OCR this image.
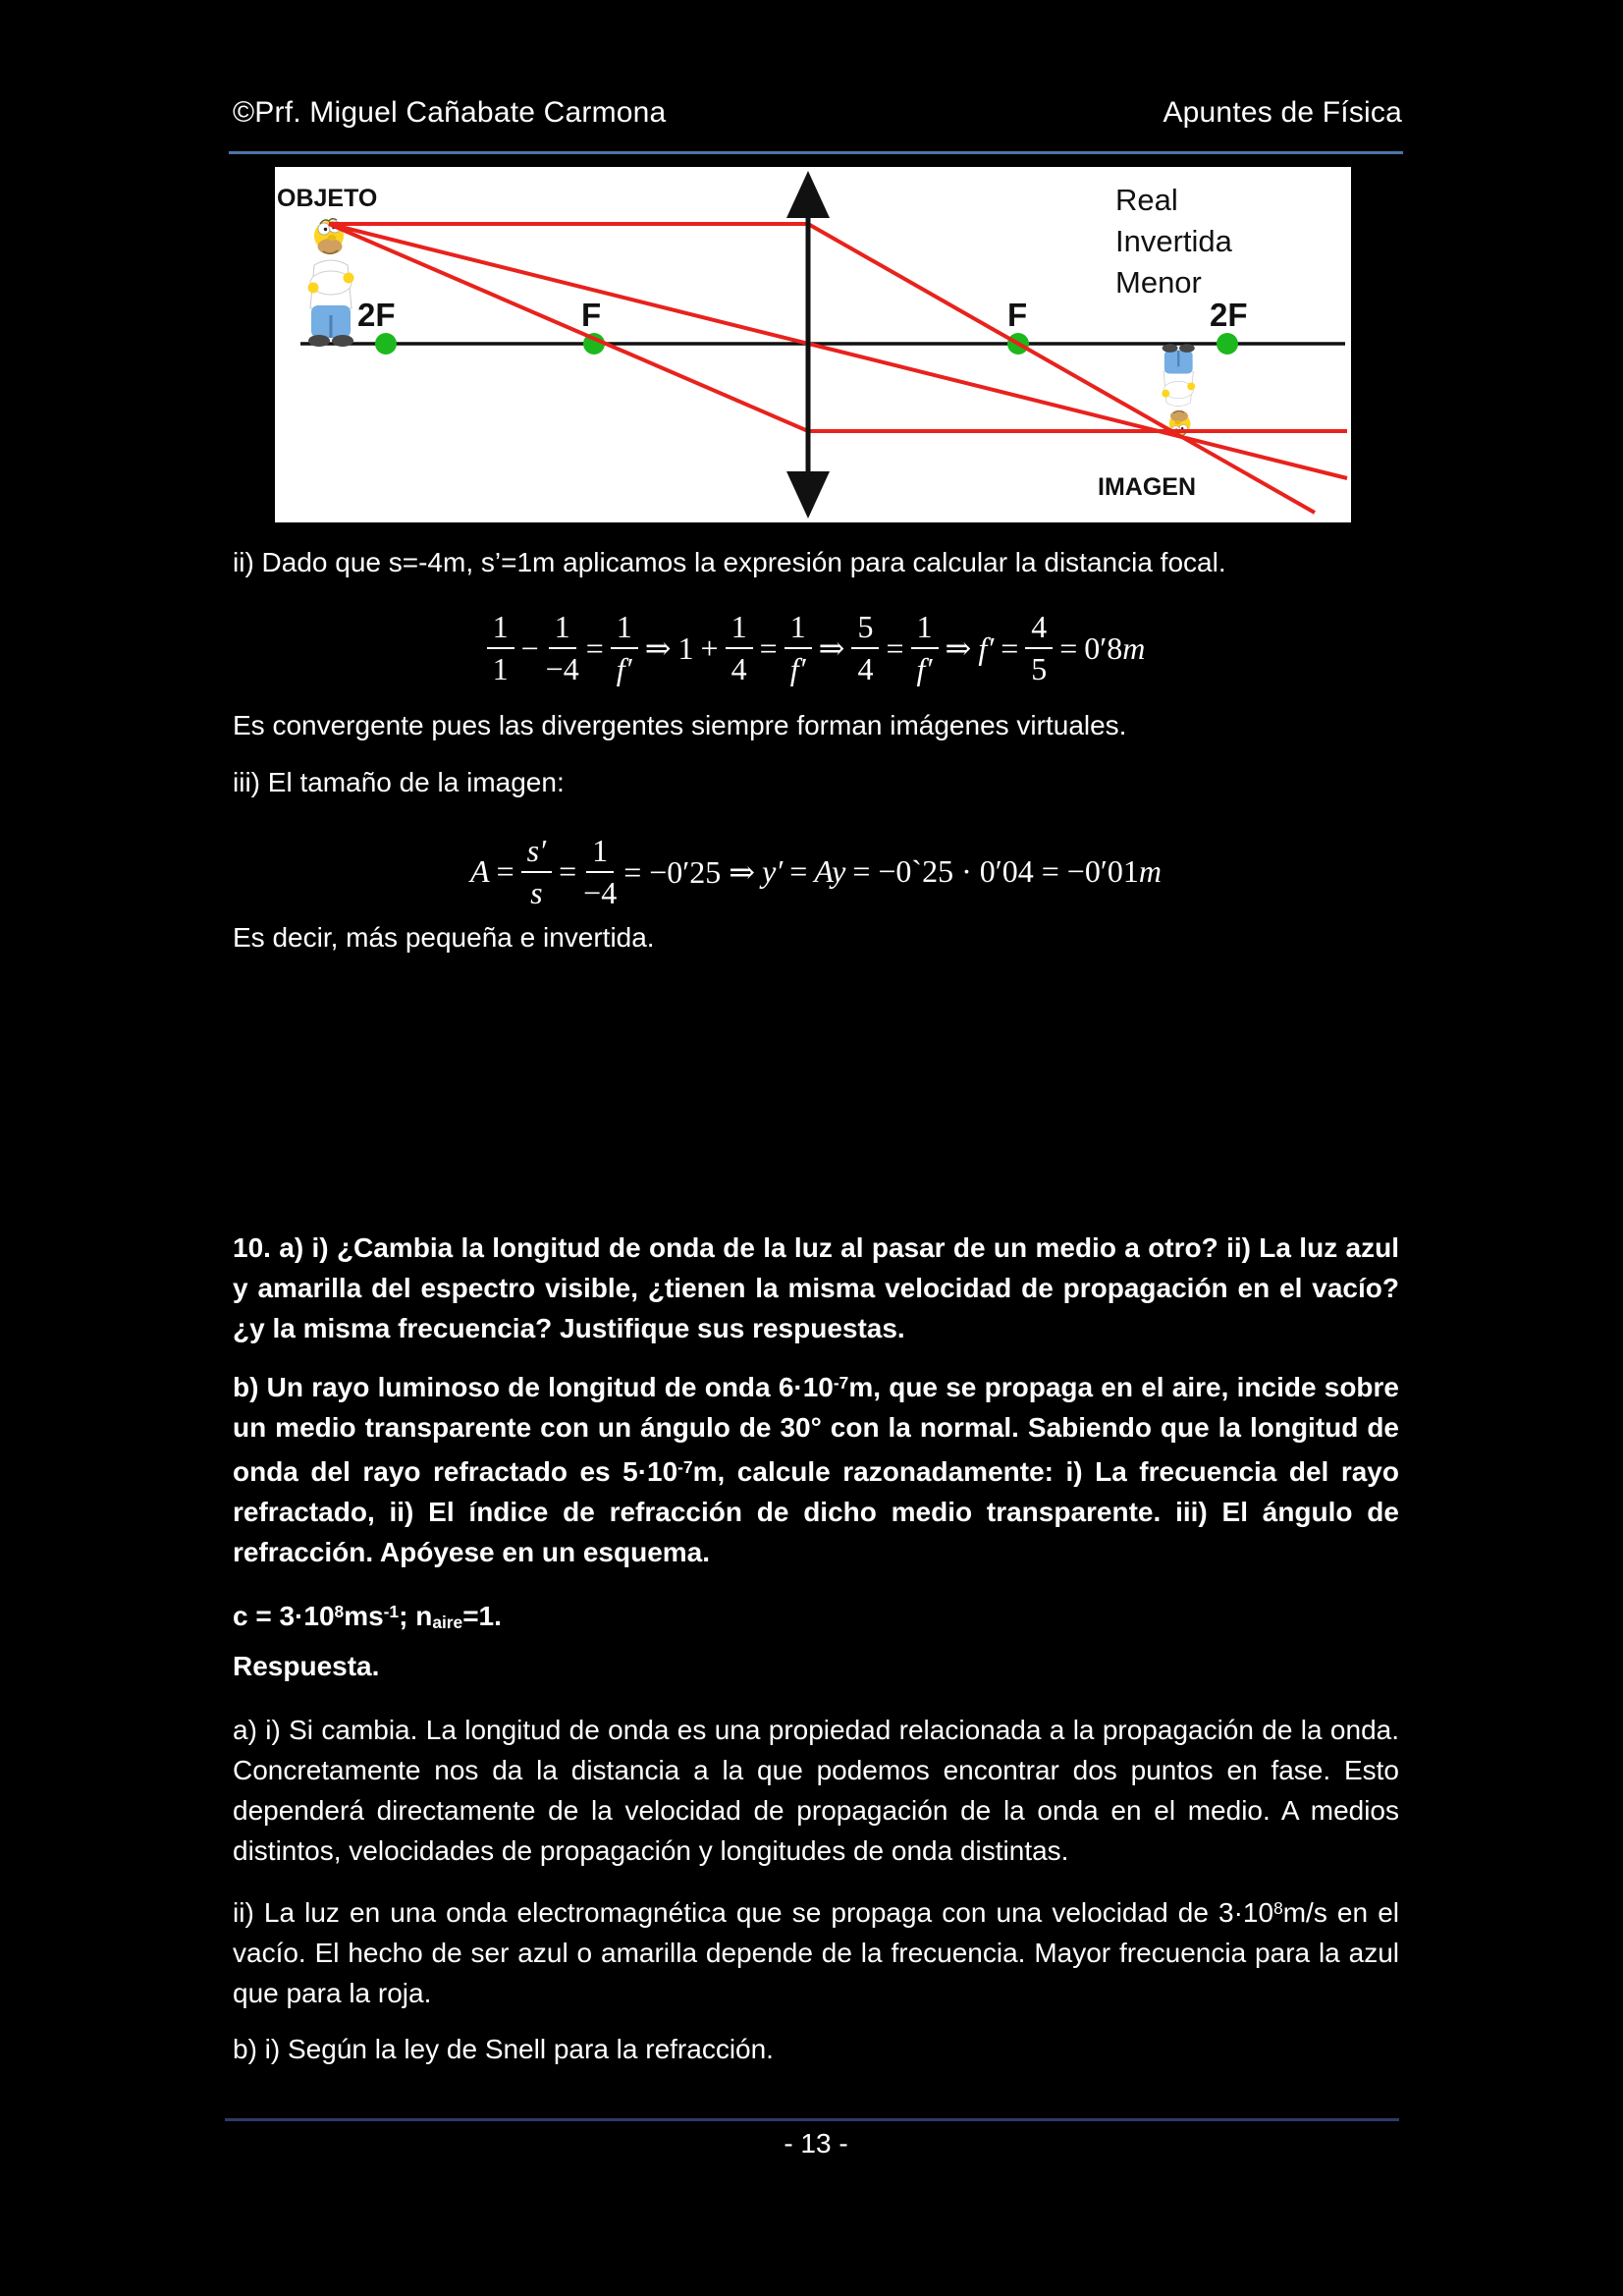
©Prf. Miguel Cañabate Carmona	Apuntes de Física
OBJETO
2F	F	F	2F
Real
Invertida
Menor
IMAGEN
ii) Dado que s=-4m, s’=1m aplicamos la expresión para calcular la distancia focal.
$\frac{1}{1} - \frac{1}{-4} = \frac{1}{f'}$ ⇒ $1 + \frac{1}{4} = \frac{1}{f'}$ ⇒ $\frac{5}{4} = \frac{1}{f'}$ ⇒ $f' = \frac{4}{5} = 0'8m$
Es convergente pues las divergentes siempre forman imágenes virtuales.
iii) El tamaño de la imagen:
$A = \frac{s'}{s} = \frac{1}{-4} = -0'25$ ⇒ y′ = Ay = −0`25 · 0′04 = −0′01m
Es decir, más pequeña e invertida.
10. a) i) ¿Cambia la longitud de onda de la luz al pasar de un medio a otro? ii) La luz azul y amarilla del espectro visible, ¿tienen la misma velocidad de propagación en el vacío? ¿y la misma frecuencia? Justifique sus respuestas.
b) Un rayo luminoso de longitud de onda $6\cdot 10^{-7}m$, que se propaga en el aire, incide sobre un medio transparente con un ángulo de 30° con la normal. Sabiendo que la longitud de onda del rayo refractado es $5\cdot 10^{-7}m$, calcule razonadamente: i) La frecuencia del rayo refractado, ii) El índice de refracción de dicho medio transparente. iii) El ángulo de refracción. Apóyese en un esquema.
$c = 3\cdot 10^8ms^{-1}$; $n_{aire}=1$.
Respuesta.
a) i) Si cambia. La longitud de onda es una propiedad relacionada a la propagación de la onda. Concretamente nos da la distancia a la que podemos encontrar dos puntos en fase. Esto dependerá directamente de la velocidad de propagación de la onda en el medio. A medios distintos, velocidades de propagación y longitudes de onda distintas.
ii) La luz en una onda electromagnética que se propaga con una velocidad de $3\cdot 10^8m/s$ en el vacío. El hecho de ser azul o amarilla depende de la frecuencia. Mayor frecuencia para la azul que para la roja.
b) i) Según la ley de Snell para la refracción.
- 13 -
